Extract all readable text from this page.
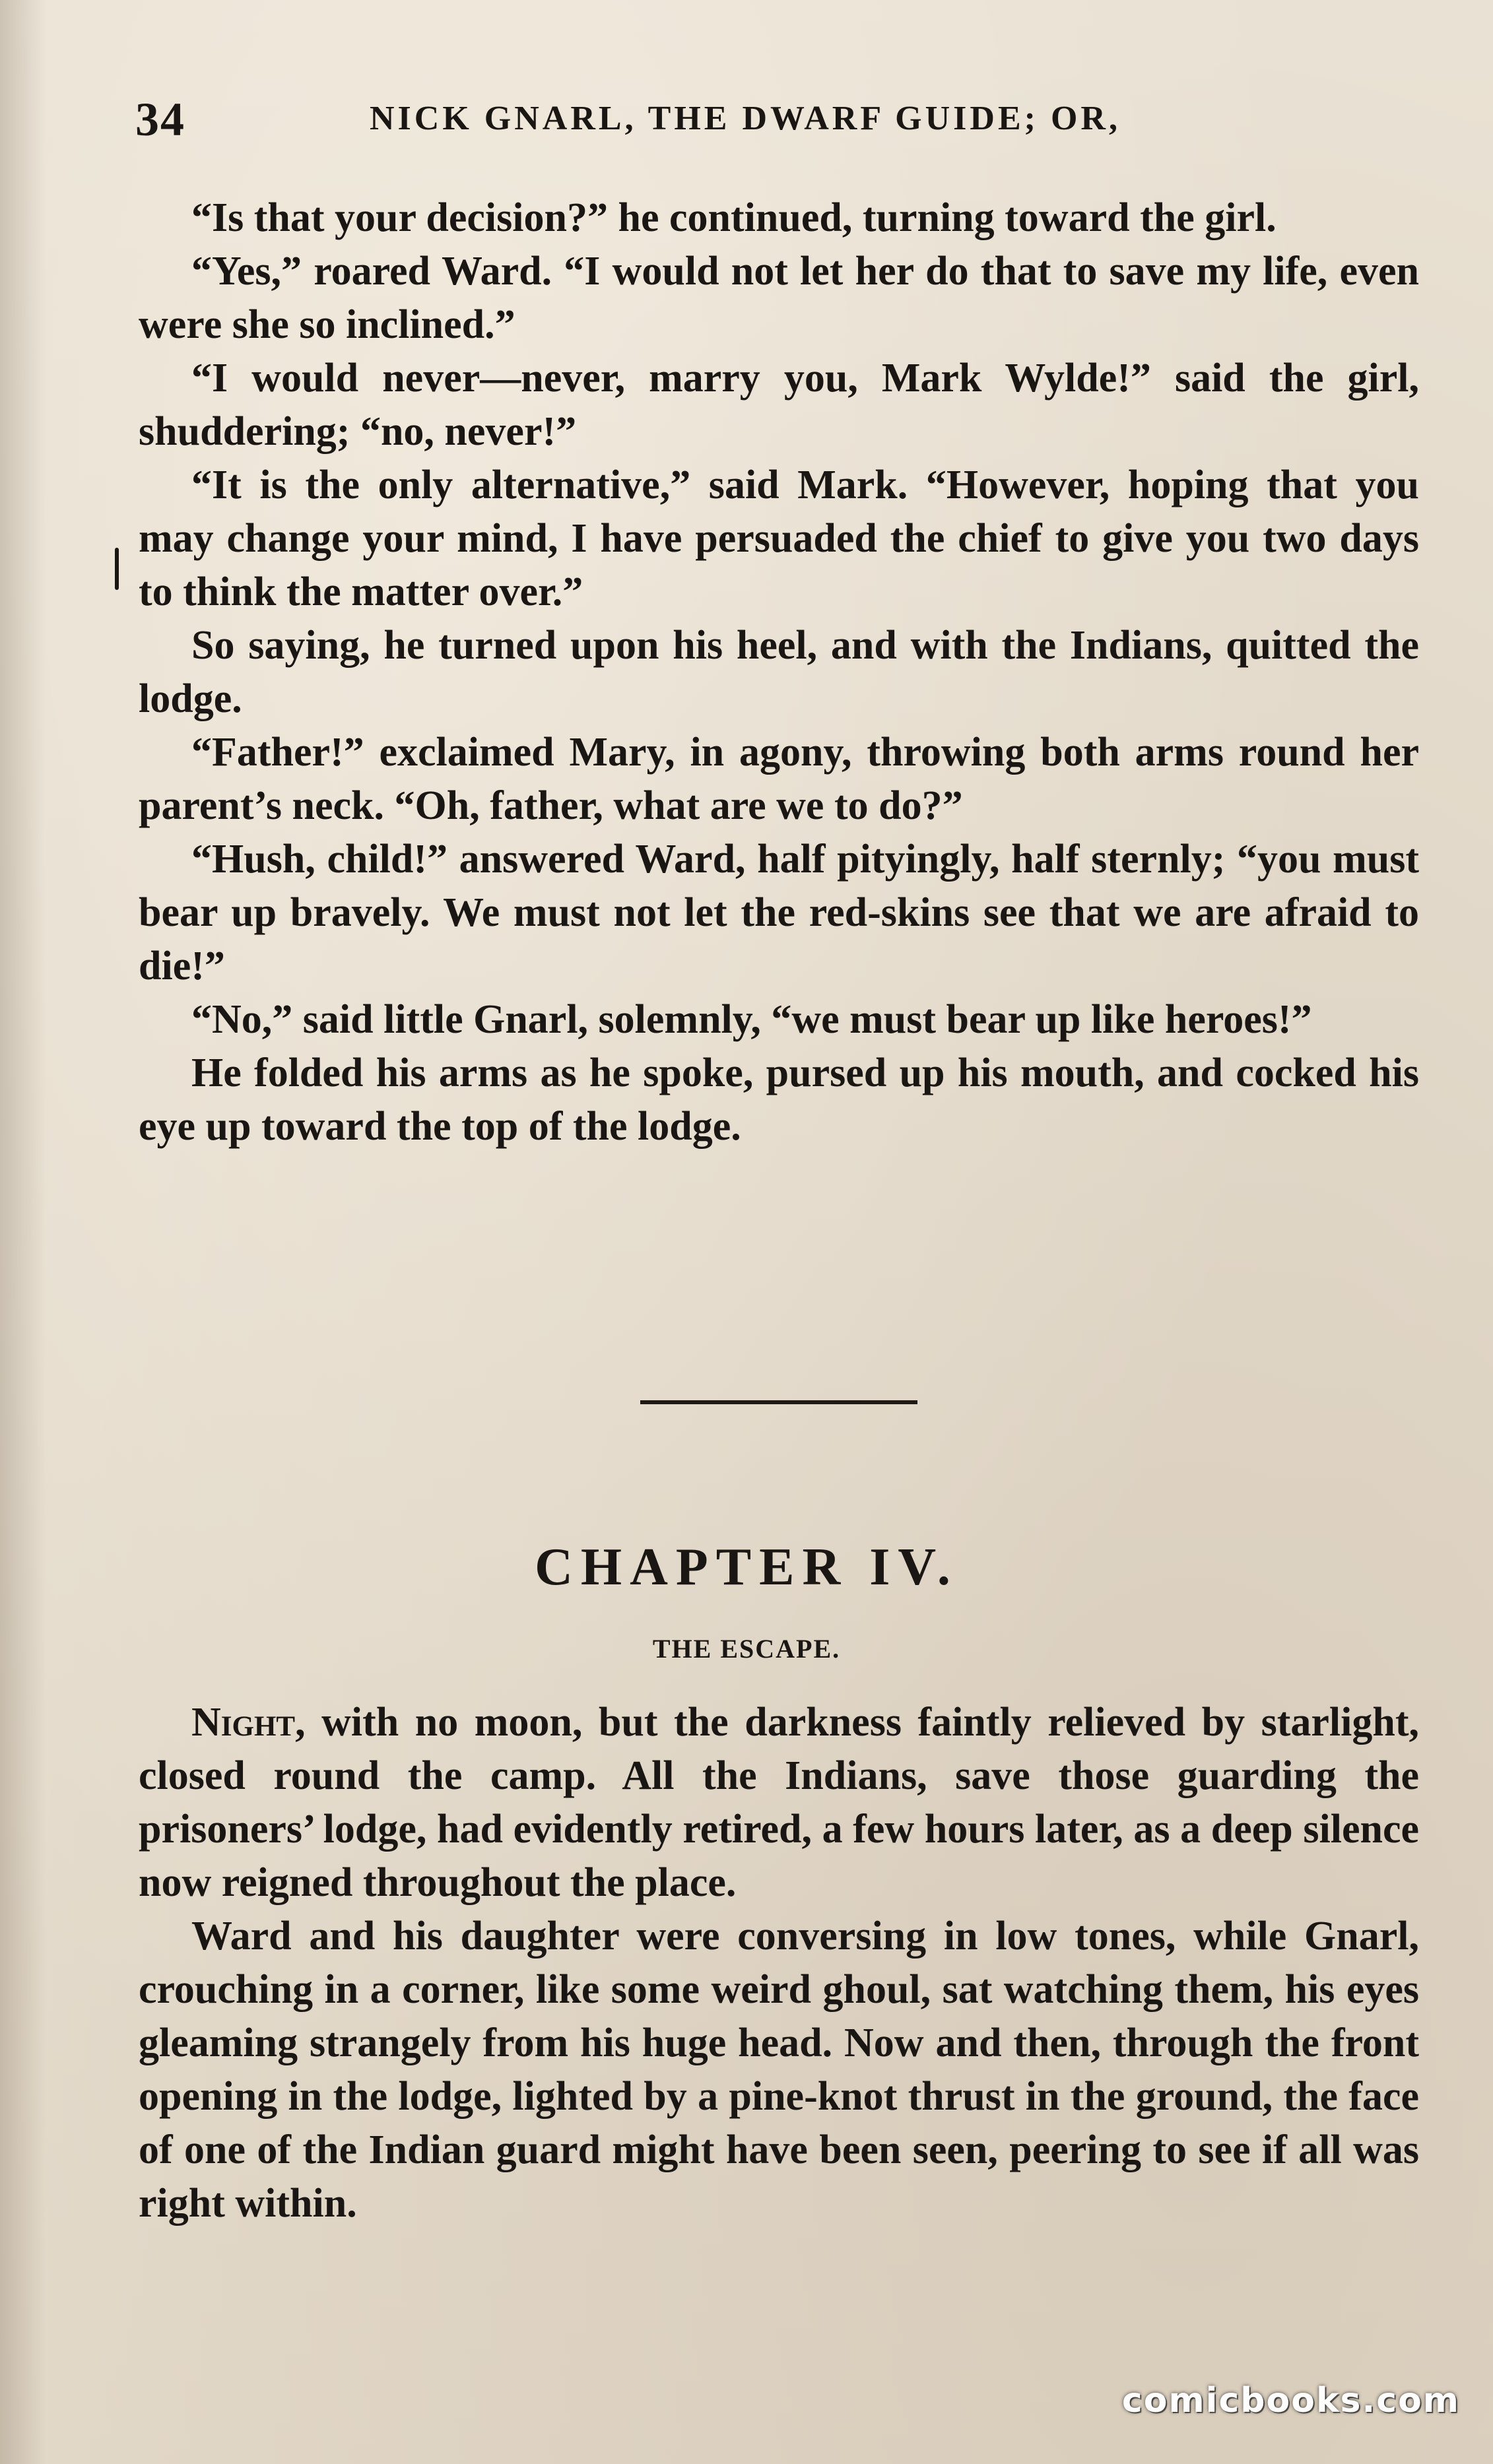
34	NICK GNARL, THE DWARF GUIDE; OR,

“Is that your decision?” he continued, turning toward the girl.

“Yes,” roared Ward. “I would not let her do that to save my life, even were she so inclined.”

“I would never—never, marry you, Mark Wylde!” said the girl, shuddering; “no, never!”

“It is the only alternative,” said Mark. “However, hoping that you may change your mind, I have persuaded the chief to give you two days to think the matter over.”

So saying, he turned upon his heel, and with the Indians, quitted the lodge.

“Father!” exclaimed Mary, in agony, throwing both arms round her parent’s neck. “Oh, father, what are we to do?”

“Hush, child!” answered Ward, half pityingly, half sternly; “you must bear up bravely. We must not let the red-skins see that we are afraid to die!”

“No,” said little Gnarl, solemnly, “we must bear up like heroes!”

He folded his arms as he spoke, pursed up his mouth, and cocked his eye up toward the top of the lodge.

CHAPTER IV.
THE ESCAPE.

Night, with no moon, but the darkness faintly relieved by starlight, closed round the camp. All the Indians, save those guarding the prisoners’ lodge, had evidently retired, a few hours later, as a deep silence now reigned throughout the place.

Ward and his daughter were conversing in low tones, while Gnarl, crouching in a corner, like some weird ghoul, sat watching them, his eyes gleaming strangely from his huge head. Now and then, through the front opening in the lodge, lighted by a pine-knot thrust in the ground, the face of one of the Indian guard might have been seen, peering to see if all was right within.

comicbooks.com
